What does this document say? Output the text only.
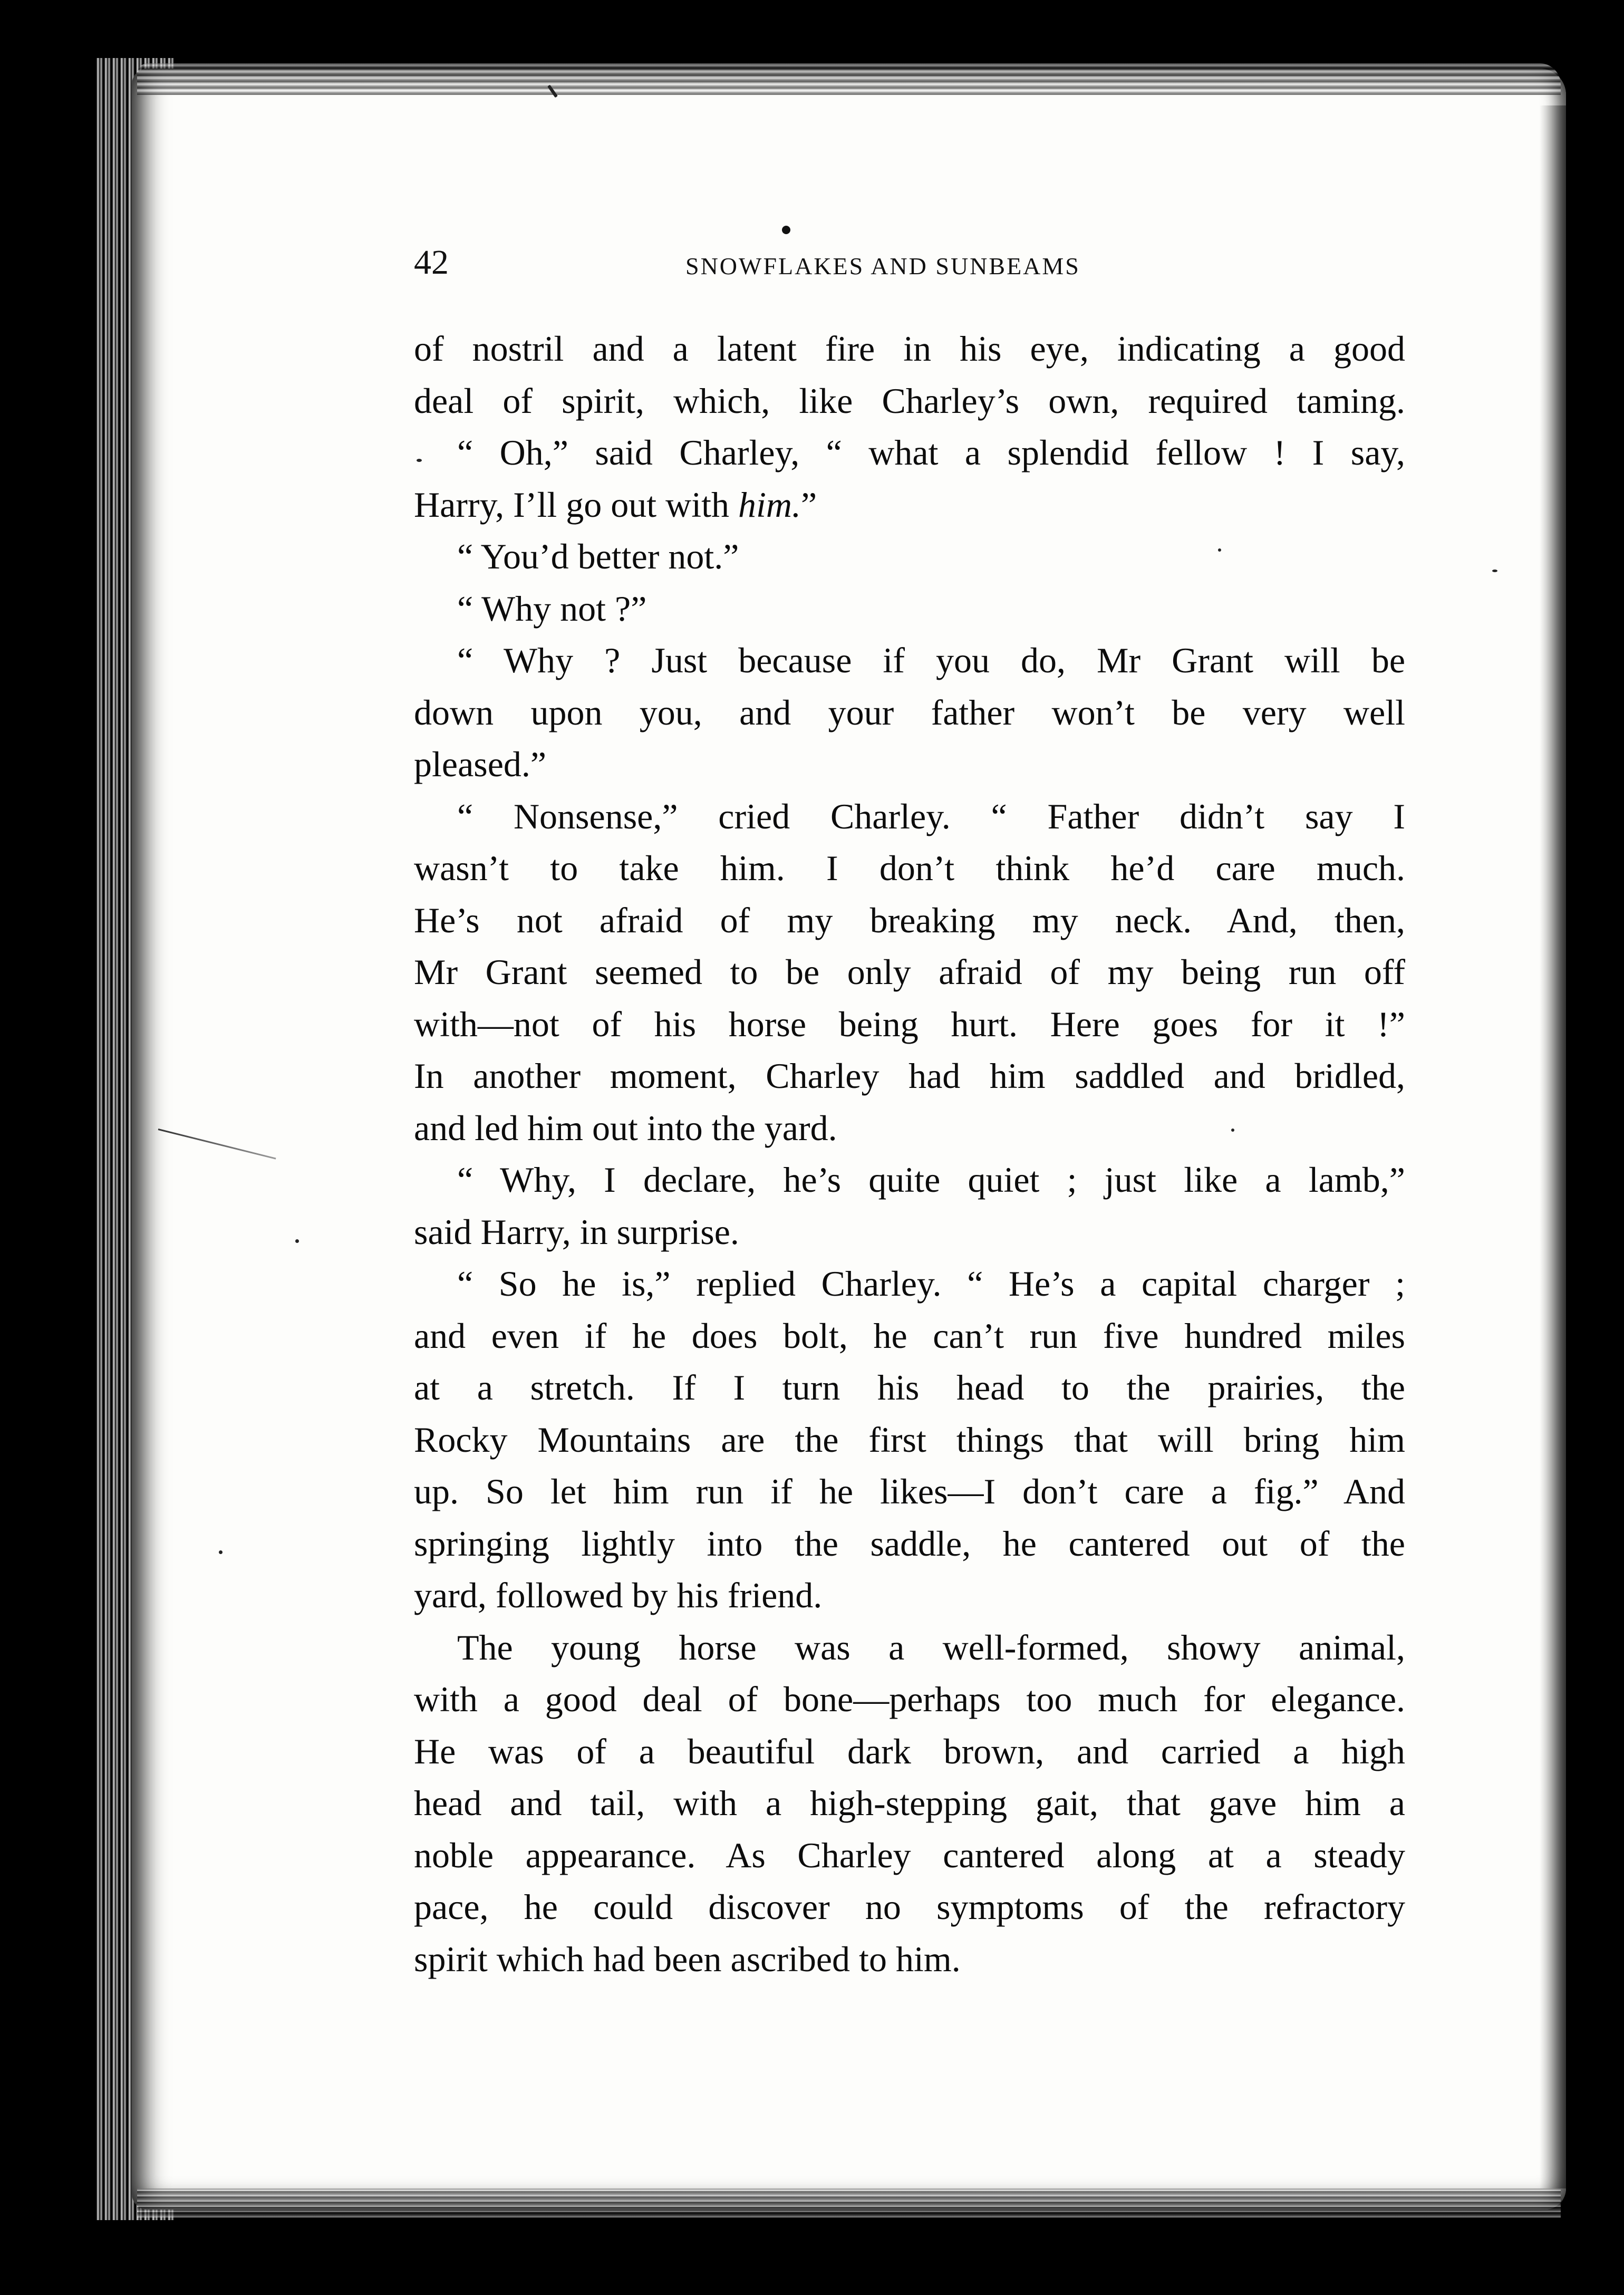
42	SNOWFLAKES AND SUNBEAMS
of nostril and a latent fire in his eye, indicating a good
deal of spirit, which, like Charley’s own, required taming.
“ Oh,” said Charley, “ what a splendid fellow ! I say,
Harry, I’ll go out with him.”
“ You’d better not.”
“ Why not ?”
“ Why ? Just because if you do, Mr Grant will be
down upon you, and your father won’t be very well
pleased.”
“ Nonsense,” cried Charley. “ Father didn’t say I
wasn’t to take him. I don’t think he’d care much.
He’s not afraid of my breaking my neck. And, then,
Mr Grant seemed to be only afraid of my being run off
with—not of his horse being hurt. Here goes for it !”
In another moment, Charley had him saddled and bridled,
and led him out into the yard.
“ Why, I declare, he’s quite quiet ; just like a lamb,”
said Harry, in surprise.
“ So he is,” replied Charley. “ He’s a capital charger ;
and even if he does bolt, he can’t run five hundred miles
at a stretch. If I turn his head to the prairies, the
Rocky Mountains are the first things that will bring him
up. So let him run if he likes—I don’t care a fig.” And
springing lightly into the saddle, he cantered out of the
yard, followed by his friend.
The young horse was a well-formed, showy animal,
with a good deal of bone—perhaps too much for elegance.
He was of a beautiful dark brown, and carried a high
head and tail, with a high-stepping gait, that gave him a
noble appearance. As Charley cantered along at a steady
pace, he could discover no symptoms of the refractory
spirit which had been ascribed to him.
